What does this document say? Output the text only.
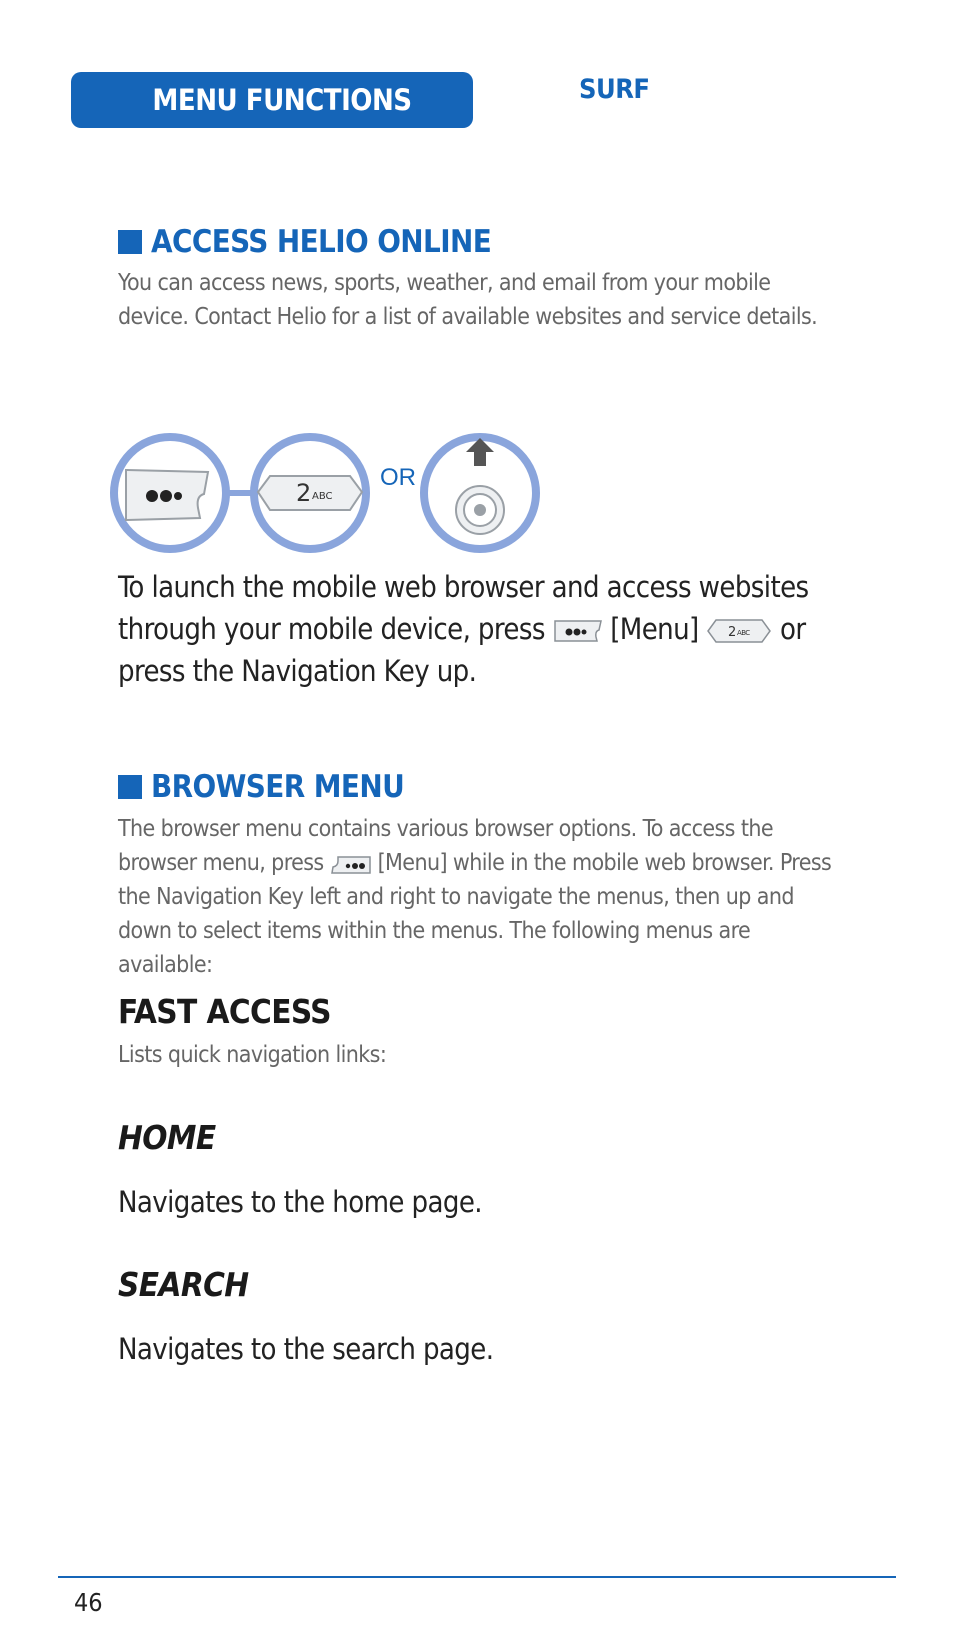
MENU FUNCTIONS	SURF
ACCESS HELIO ONLINE
You can access news, sports, weather, and email from your mobile device. Contact Helio for a list of available websites and service details.
2 ABC
OR
To launch the mobile web browser and access websites through your mobile device, press [Menu] 2 ABC or press the Navigation Key up.
BROWSER MENU
The browser menu contains various browser options. To access the browser menu, press [Menu] while in the mobile web browser. Press the Navigation Key left and right to navigate the menus, then up and down to select items within the menus. The following menus are available:
FAST ACCESS
Lists quick navigation links:
HOME
Navigates to the home page.
SEARCH
Navigates to the search page.
46
